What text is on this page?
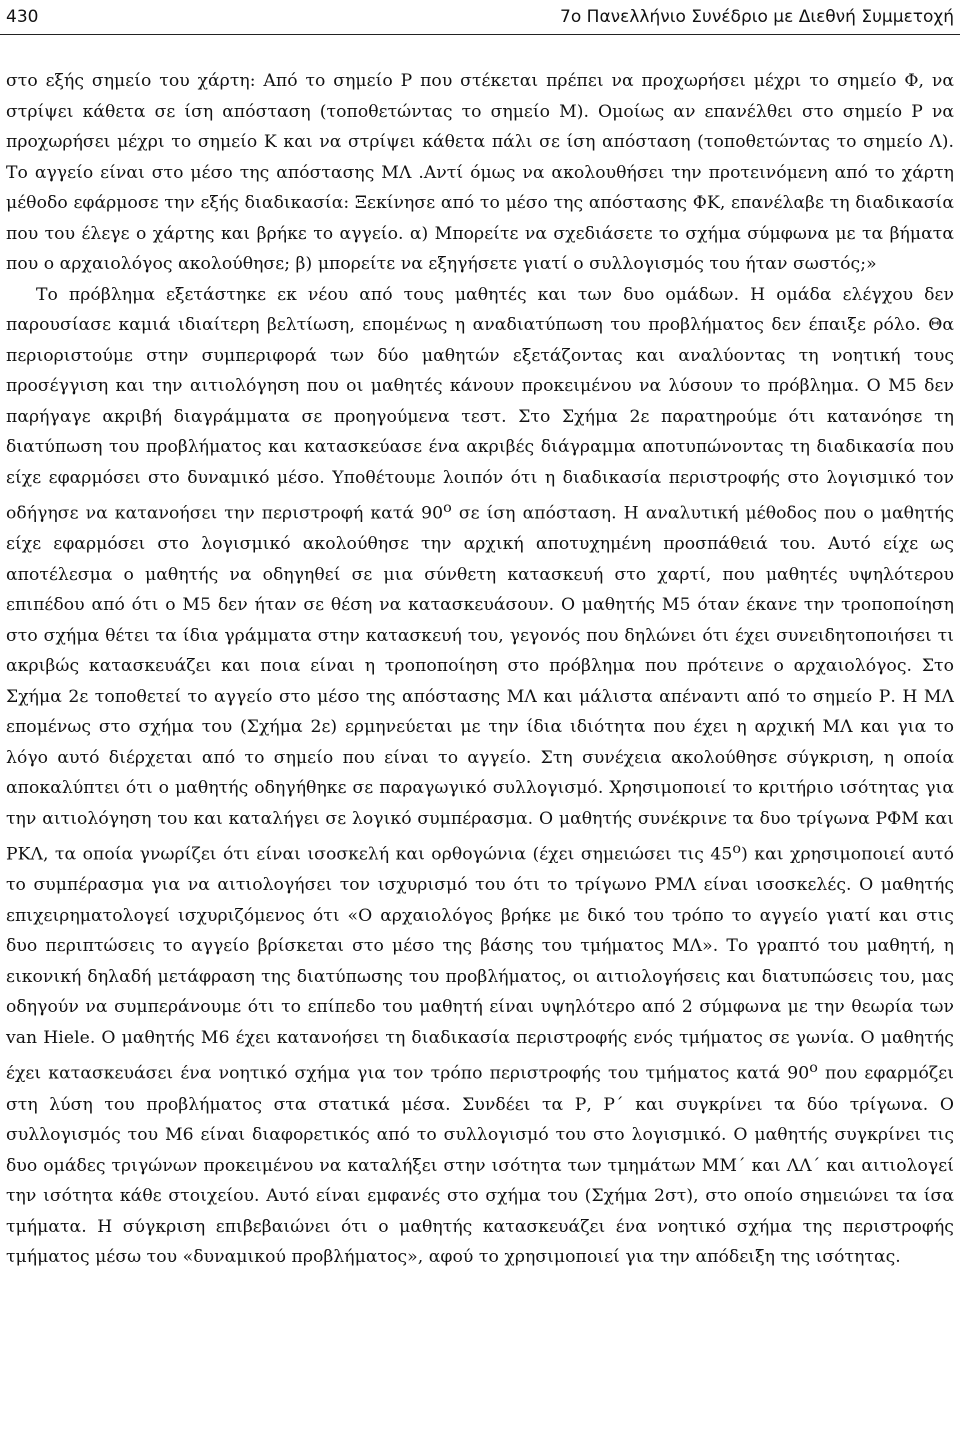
430	7ο Πανελλήνιο Συνέδριο με Διεθνή Συμμετοχή

στο εξής σημείο του χάρτη: Από το σημείο Ρ που στέκεται πρέπει να προχωρήσει μέχρι το σημείο Φ, να στρίψει κάθετα σε ίση απόσταση (τοποθετώντας το σημείο Μ). Ομοίως αν επανέλθει στο σημείο Ρ να προχωρήσει μέχρι το σημείο Κ και να στρίψει κάθετα πάλι σε ίση απόσταση (τοποθετώντας το σημείο Λ). Το αγγείο είναι στο μέσο της απόστασης ΜΛ .Αντί όμως να ακολουθήσει την προτεινόμενη από το χάρτη μέθοδο εφάρμοσε την εξής διαδικασία: Ξεκίνησε από το μέσο της απόστασης ΦΚ, επανέλαβε τη διαδικασία που του έλεγε ο χάρτης και βρήκε το αγγείο. α) Μπορείτε να σχεδιάσετε το σχήμα σύμφωνα με τα βήματα που ο αρχαιολόγος ακολούθησε; β) μπορείτε να εξηγήσετε γιατί ο συλλογισμός του ήταν σωστός;»

Το πρόβλημα εξετάστηκε εκ νέου από τους μαθητές και των δυο ομάδων. Η ομάδα ελέγχου δεν παρουσίασε καμιά ιδιαίτερη βελτίωση, επομένως η αναδιατύπωση του προβλήματος δεν έπαιξε ρόλο. Θα περιοριστούμε στην συμπεριφορά των δύο μαθητών εξετάζοντας και αναλύοντας τη νοητική τους προσέγγιση και την αιτιολόγηση που οι μαθητές κάνουν προκειμένου να λύσουν το πρόβλημα. Ο Μ5 δεν παρήγαγε ακριβή διαγράμματα σε προηγούμενα τεστ. Στο Σχήμα 2ε παρατηρούμε ότι κατανόησε τη διατύπωση του προβλήματος και κατασκεύασε ένα ακριβές διάγραμμα αποτυπώνοντας τη διαδικασία που είχε εφαρμόσει στο δυναμικό μέσο. Υποθέτουμε λοιπόν ότι η διαδικασία περιστροφής στο λογισμικό τον οδήγησε να κατανοήσει την περιστροφή κατά $90^o$ σε ίση απόσταση. Η αναλυτική μέθοδος που ο μαθητής είχε εφαρμόσει στο λογισμικό ακολούθησε την αρχική αποτυχημένη προσπάθειά του. Αυτό είχε ως αποτέλεσμα ο μαθητής να οδηγηθεί σε μια σύνθετη κατασκευή στο χαρτί, που μαθητές υψηλότερου επιπέδου από ότι ο Μ5 δεν ήταν σε θέση να κατασκευάσουν. Ο μαθητής Μ5 όταν έκανε την τροποποίηση στο σχήμα θέτει τα ίδια γράμματα στην κατασκευή του, γεγονός που δηλώνει ότι έχει συνειδητοποιήσει τι ακριβώς κατασκευάζει και ποια είναι η τροποποίηση στο πρόβλημα που πρότεινε ο αρχαιολόγος. Στο Σχήμα 2ε τοποθετεί το αγγείο στο μέσο της απόστασης ΜΛ και μάλιστα απέναντι από το σημείο Ρ. Η ΜΛ επομένως στο σχήμα του (Σχήμα 2ε) ερμηνεύεται με την ίδια ιδιότητα που έχει η αρχική ΜΛ και για το λόγο αυτό διέρχεται από το σημείο που είναι το αγγείο. Στη συνέχεια ακολούθησε σύγκριση, η οποία αποκαλύπτει ότι ο μαθητής οδηγήθηκε σε παραγωγικό συλλογισμό. Χρησιμοποιεί το κριτήριο ισότητας για την αιτιολόγηση του και καταλήγει σε λογικό συμπέρασμα. Ο μαθητής συνέκρινε τα δυο τρίγωνα ΡΦΜ και ΡΚΛ, τα οποία γνωρίζει ότι είναι ισοσκελή και ορθογώνια (έχει σημειώσει τις $45^o$) και χρησιμοποιεί αυτό το συμπέρασμα για να αιτιολογήσει τον ισχυρισμό του ότι το τρίγωνο ΡΜΛ είναι ισοσκελές. Ο μαθητής επιχειρηματολογεί ισχυριζόμενος ότι «Ο αρχαιολόγος βρήκε με δικό του τρόπο το αγγείο γιατί και στις δυο περιπτώσεις το αγγείο βρίσκεται στο μέσο της βάσης του τμήματος ΜΛ». Το γραπτό του μαθητή, η εικονική δηλαδή μετάφραση της διατύπωσης του προβλήματος, οι αιτιολογήσεις και διατυπώσεις του, μας οδηγούν να συμπεράνουμε ότι το επίπεδο του μαθητή είναι υψηλότερο από 2 σύμφωνα με την θεωρία των van Hiele. Ο μαθητής Μ6 έχει κατανοήσει τη διαδικασία περιστροφής ενός τμήματος σε γωνία. Ο μαθητής έχει κατασκευάσει ένα νοητικό σχήμα για τον τρόπο περιστροφής του τμήματος κατά $90^o$ που εφαρμόζει στη λύση του προβλήματος στα στατικά μέσα. Συνδέει τα Ρ, Ρ΄ και συγκρίνει τα δύο τρίγωνα. Ο συλλογισμός του Μ6 είναι διαφορετικός από το συλλογισμό του στο λογισμικό. Ο μαθητής συγκρίνει τις δυο ομάδες τριγώνων προκειμένου να καταλήξει στην ισότητα των τμημάτων ΜΜ΄ και ΛΛ΄ και αιτιολογεί την ισότητα κάθε στοιχείου. Αυτό είναι εμφανές στο σχήμα του (Σχήμα 2στ), στο οποίο σημειώνει τα ίσα τμήματα. Η σύγκριση επιβεβαιώνει ότι ο μαθητής κατασκευάζει ένα νοητικό σχήμα της περιστροφής τμήματος μέσω του «δυναμικού προβλήματος», αφού το χρησιμοποιεί για την απόδειξη της ισότητας.
